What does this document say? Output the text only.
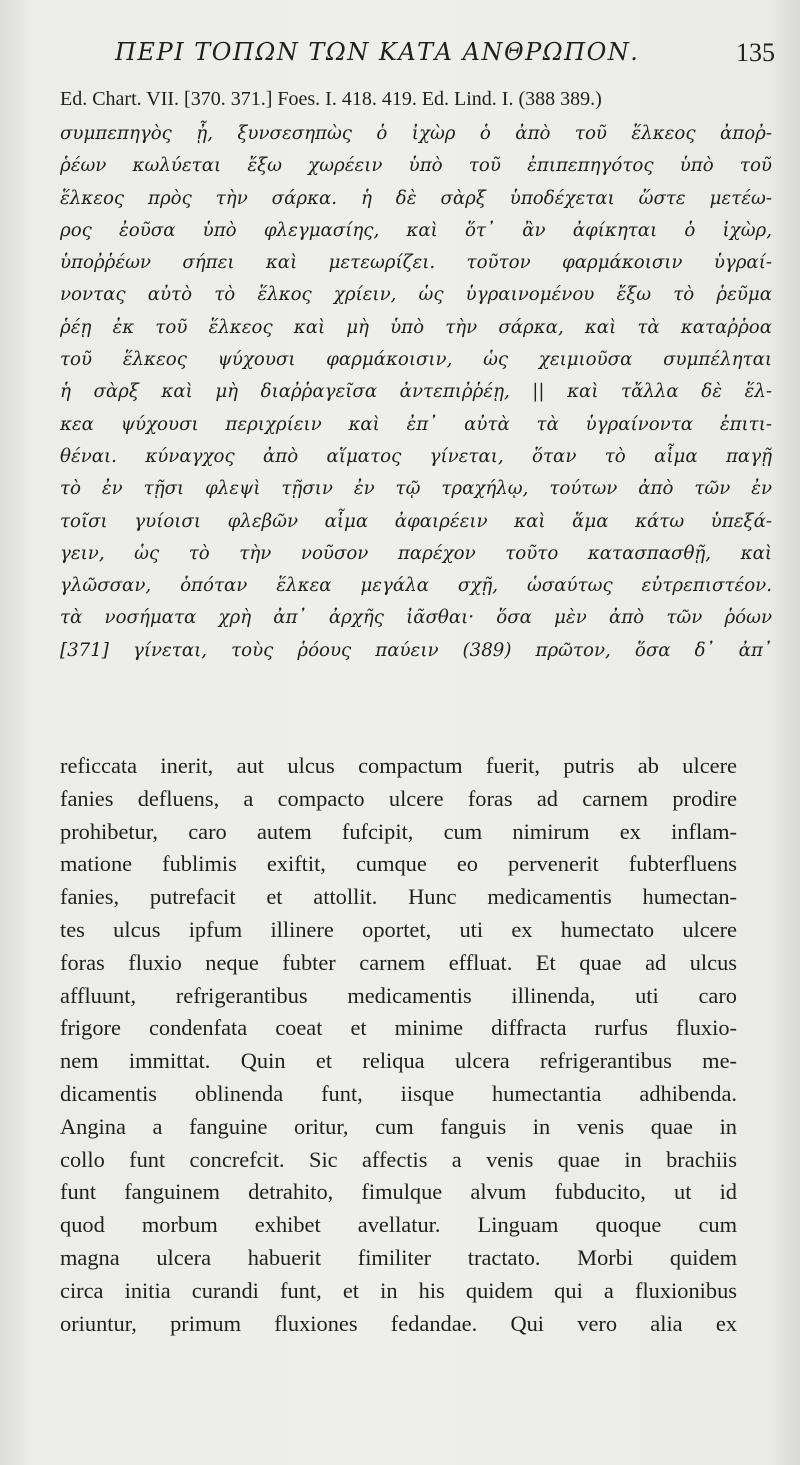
ΠΕΡΙ ΤΟΠΩΝ ΤΩΝ ΚΑΤΑ ΑΝΘΡΩΠΟΝ.	135
Ed. Chart. VII. [370. 371.] Foes. I. 418. 419. Ed. Lind. I. (388 389.)
συμπεπηγὸς ᾖ, ξυνσεσηπὼς ὁ ἰχὼρ ὁ ἀπὸ τοῦ ἕλκεος ἀποῤ-
ῥέων κωλύεται ἔξω χωρέειν ὑπὸ τοῦ ἐπιπεπηγότος ὑπὸ τοῦ
ἕλκεος πρὸς τὴν σάρκα. ἡ δὲ σὰρξ ὑποδέχεται ὥστε μετέω-
ρος ἐοῦσα ὑπὸ φλεγμασίης, καὶ ὅτ᾽ ἂν ἀφίκηται ὁ ἰχὼρ,
ὑποῤῥέων σήπει καὶ μετεωρίζει. τοῦτον φαρμάκοισιν ὑγραί-
νοντας αὐτὸ τὸ ἕλκος χρίειν, ὡς ὑγραινομένου ἔξω τὸ ῥεῦμα
ῥέῃ ἐκ τοῦ ἕλκεος καὶ μὴ ὑπὸ τὴν σάρκα, καὶ τὰ καταῤῥοα
τοῦ ἕλκεος ψύχουσι φαρμάκοισιν, ὡς χειμιοῦσα συμπέληται
ἡ σὰρξ καὶ μὴ διαῤῥαγεῖσα ἀντεπιῤῥέῃ, || καὶ τἄλλα δὲ ἕλ-
κεα ψύχουσι περιχρίειν καὶ ἐπ᾽ αὐτὰ τὰ ὑγραίνοντα ἐπιτι-
θέναι. κύναγχος ἀπὸ αἵματος γίνεται, ὅταν τὸ αἷμα παγῇ
τὸ ἐν τῇσι φλεψὶ τῇσιν ἐν τῷ τραχήλῳ, τούτων ἀπὸ τῶν ἐν
τοῖσι γυίοισι φλεβῶν αἷμα ἀφαιρέειν καὶ ἅμα κάτω ὑπεξά-
γειν, ὡς τὸ τὴν νοῦσον παρέχον τοῦτο κατασπασθῇ, καὶ
γλῶσσαν, ὁπόταν ἕλκεα μεγάλα σχῇ, ὡσαύτως εὐτρεπιστέον.
τὰ νοσήματα χρὴ ἀπ᾽ ἀρχῆς ἰᾶσθαι· ὅσα μὲν ἀπὸ τῶν ῥόων
[371] γίνεται, τοὺς ῥόους παύειν (389) πρῶτον, ὅσα δ᾽ ἀπ᾽
reficcata inerit, aut ulcus compactum fuerit, putris ab ulcere
fanies defluens, a compacto ulcere foras ad carnem prodire
prohibetur, caro autem fufcipit, cum nimirum ex inflam-
matione fublimis exiftit, cumque eo pervenerit fubterfluens
fanies, putrefacit et attollit. Hunc medicamentis humectan-
tes ulcus ipfum illinere oportet, uti ex humectato ulcere
foras fluxio neque fubter carnem effluat. Et quae ad ulcus
affluunt, refrigerantibus medicamentis illinenda, uti caro
frigore condenfata coeat et minime diffracta rurfus fluxio-
nem immittat. Quin et reliqua ulcera refrigerantibus me-
dicamentis oblinenda funt, iisque humectantia adhibenda.
Angina a fanguine oritur, cum fanguis in venis quae in
collo funt concrefcit. Sic affectis a venis quae in brachiis
funt fanguinem detrahito, fimulque alvum fubducito, ut id
quod morbum exhibet avellatur. Linguam quoque cum
magna ulcera habuerit fimiliter tractato. Morbi quidem
circa initia curandi funt, et in his quidem qui a fluxionibus
oriuntur, primum fluxiones fedandae. Qui vero alia ex
